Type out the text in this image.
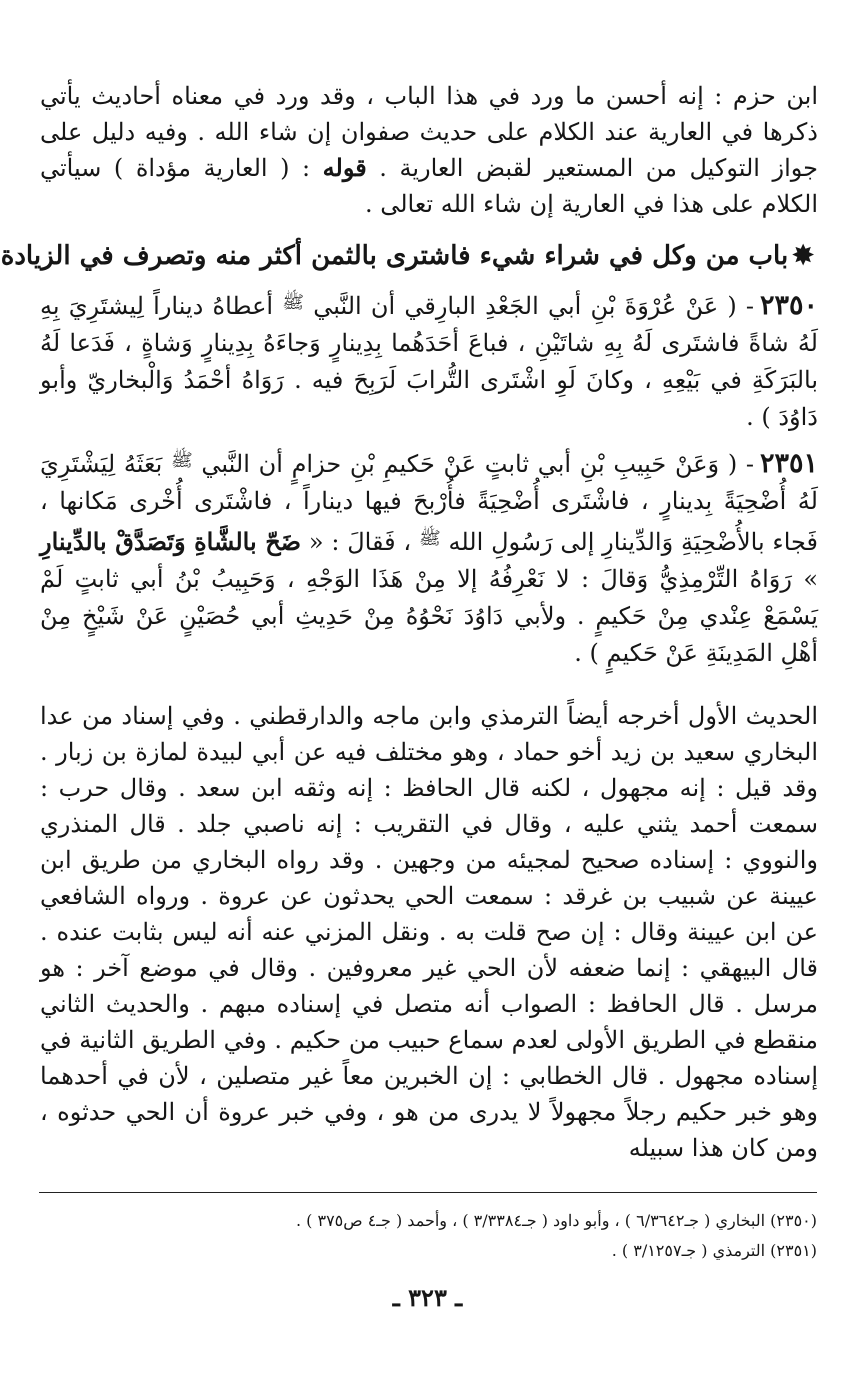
ابن حزم : إنه أحسن ما ورد في هذا الباب ، وقد ورد في معناه أحاديث يأتي ذكرها في العارية عند الكلام على حديث صفوان إن شاء الله . وفيه دليل على جواز التوكيل من المستعير لقبض العارية . قوله : ( العارية مؤداة ) سيأتي الكلام على هذا في العارية إن شاء الله تعالى .

✸باب من وكل في شراء شيء فاشترى بالثمن أكثر منه وتصرف في الزيادة

٢٣٥٠- ( عَنْ عُرْوَةَ بْنِ أبي الجَعْدِ البارِقي أن النَّبي $^ﷺ$ أعطاهُ ديناراً لِيشتَرِيَ بِهِ لَهُ شاةً فاشتَرى لَهُ بِهِ شاتَيْنِ ، فباعَ أحَدَهُما بِدِينارٍ وَجاءَهُ بِدِينارٍ وَشاةٍ ، فَدَعا لَهُ بالبَرَكَةِ في بَيْعِهِ ، وكانَ لَوِ اشْتَرى التُّرابَ لَرَبِحَ فيه . رَوَاهُ أحْمَدُ وَالْبخاريّ وأبو دَاوُدَ ) .

٢٣٥١- ( وَعَنْ حَبِيبِ بْنِ أبي ثابتٍ عَنْ حَكيمِ بْنِ حزامٍ أن النَّبي $^ﷺ$ بَعَثَهُ لِيَشْتَرِيَ لَهُ أُضْحِيَةً بِدينارٍ ، فاشْتَرى أُضْحِيَةً فأُرْبحَ فيها ديناراً ، فاشْتَرى أُخْرى مَكانها ، فَجاء بالأُضْحِيَةِ وَالدِّينارِ إلى رَسُولِ الله $^ﷺ$ ، فَقالَ : « ضَحّ بالشَّاةِ وَتَصَدَّقْ بالدِّينارِ » رَوَاهُ التِّرْمِذِيُّ وَقالَ : لا نَعْرِفُهُ إلا مِنْ هَذَا الوَجْهِ ، وَحَبِيبُ بْنُ أبي ثابتٍ لَمْ يَسْمَعْ عِنْدي مِنْ حَكيمٍ . ولأبي دَاوُدَ نَحْوُهُ مِنْ حَدِيثِ أبي حُصَيْنٍ عَنْ شَيْخٍ مِنْ أهْلِ المَدِينَةِ عَنْ حَكيمٍ ) .

الحديث الأول أخرجه أيضاً الترمذي وابن ماجه والدارقطني . وفي إسناد من عدا البخاري سعيد بن زيد أخو حماد ، وهو مختلف فيه عن أبي لبيدة لمازة بن زبار . وقد قيل : إنه مجهول ، لكنه قال الحافظ : إنه وثقه ابن سعد . وقال حرب : سمعت أحمد يثني عليه ، وقال في التقريب : إنه ناصبي جلد . قال المنذري والنووي : إسناده صحيح لمجيئه من وجهين . وقد رواه البخاري من طريق ابن عيينة عن شبيب بن غرقد : سمعت الحي يحدثون عن عروة . ورواه الشافعي عن ابن عيينة وقال : إن صح قلت به . ونقل المزني عنه أنه ليس بثابت عنده . قال البيهقي : إنما ضعفه لأن الحي غير معروفين . وقال في موضع آخر : هو مرسل . قال الحافظ : الصواب أنه متصل في إسناده مبهم . والحديث الثاني منقطع في الطريق الأولى لعدم سماع حبيب من حكيم . وفي الطريق الثانية في إسناده مجهول . قال الخطابي : إن الخبرين معاً غير متصلين ، لأن في أحدهما وهو خبر حكيم رجلاً مجهولاً لا يدرى من هو ، وفي خبر عروة أن الحي حدثوه ، ومن كان هذا سبيله

(٢٣٥٠) البخاري ( جـ٦/٣٦٤٢ ) ، وأبو داود ( جـ٣/٣٣٨٤ ) ، وأحمد ( جـ٤ ص٣٧٥ ) .
(٢٣٥١) الترمذي ( جـ٣/١٢٥٧ ) .
ـ ٣٢٣ ـ
